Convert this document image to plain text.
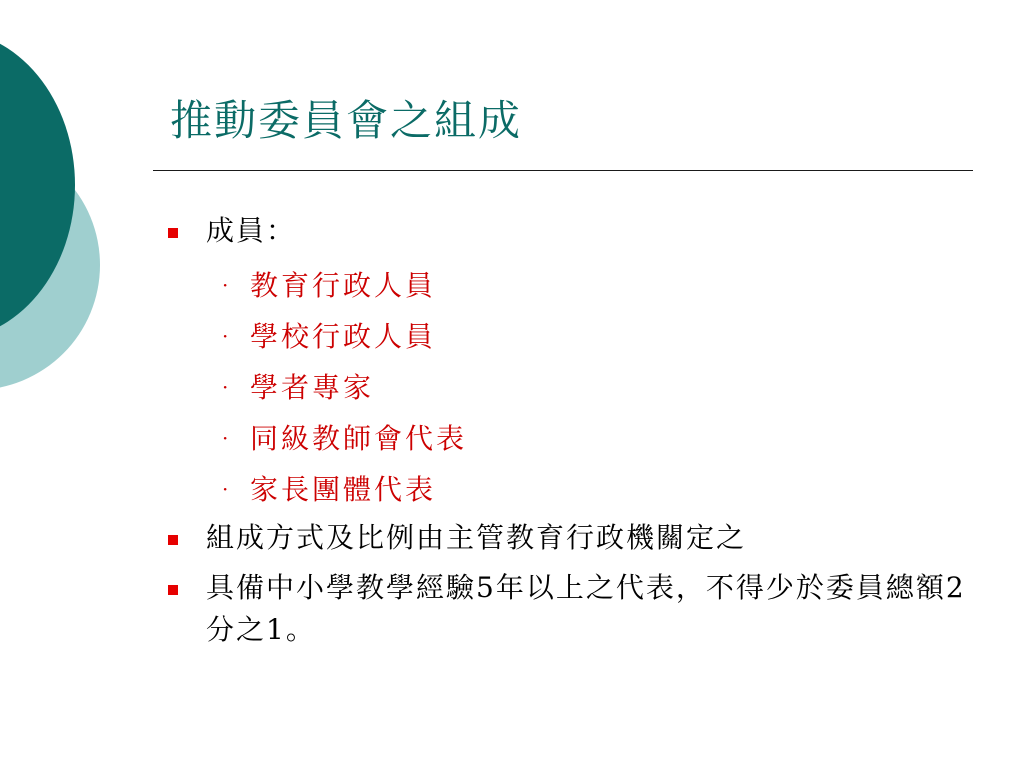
推動委員會之組成
成員：
· 教育行政人員
· 學校行政人員
· 學者專家
· 同級教師會代表
· 家長團體代表
組成方式及比例由主管教育行政機關定之
具備中小學教學經驗5年以上之代表，不得少於委員總額2分之1。
